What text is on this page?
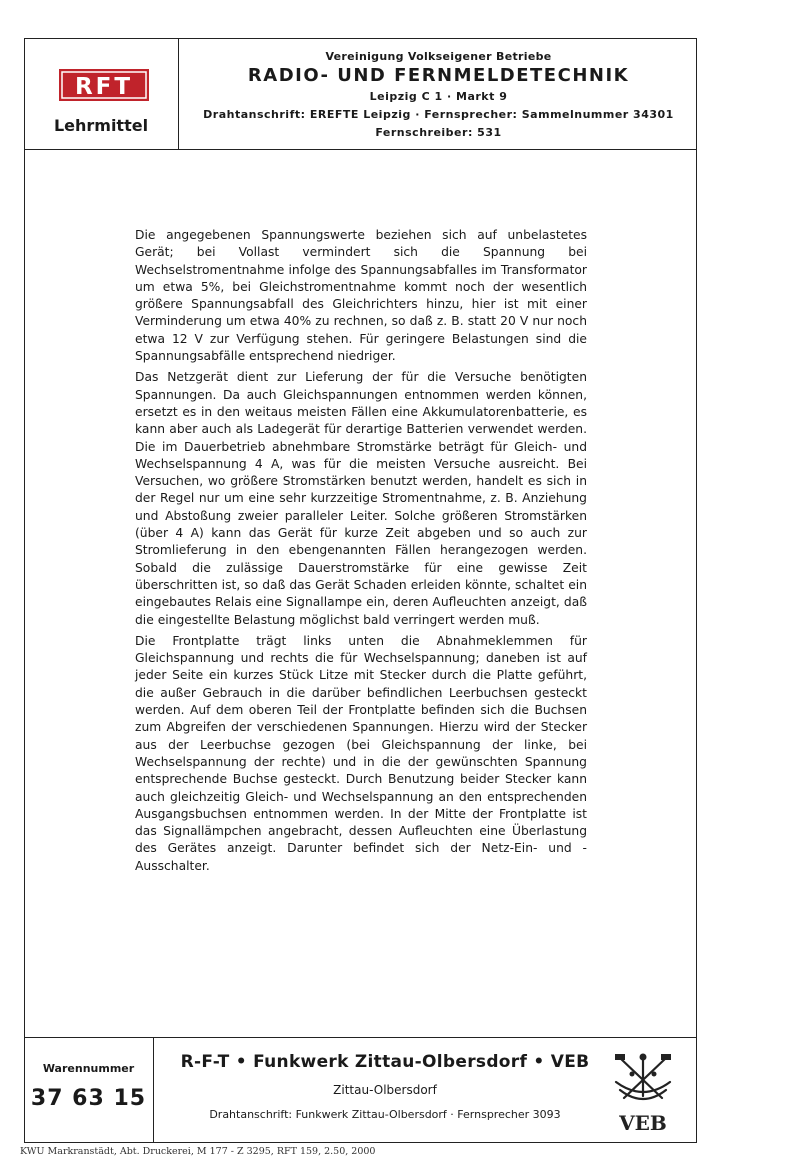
RFT
Lehrmittel
Vereinigung Volkseigener Betriebe
RADIO- UND FERNMELDETECHNIK
Leipzig C 1 · Markt 9
Drahtanschrift: EREFTE Leipzig · Fernsprecher: Sammelnummer 34301
Fernschreiber: 531

Die angegebenen Spannungswerte beziehen sich auf unbelastetes Gerät; bei Vollast vermindert sich die Spannung bei Wechselstromentnahme infolge des Spannungsabfalles im Transformator um etwa 5%, bei Gleichstromentnahme kommt noch der wesentlich größere Spannungsabfall des Gleichrichters hinzu, hier ist mit einer Verminderung um etwa 40% zu rechnen, so daß z. B. statt 20 V nur noch etwa 12 V zur Verfügung stehen. Für geringere Belastungen sind die Spannungsabfälle entsprechend niedriger.

Das Netzgerät dient zur Lieferung der für die Versuche benötigten Spannungen. Da auch Gleichspannungen entnommen werden können, ersetzt es in den weitaus meisten Fällen eine Akkumulatorenbatterie, es kann aber auch als Ladegerät für derartige Batterien verwendet werden. Die im Dauerbetrieb abnehmbare Stromstärke beträgt für Gleich- und Wechselspannung 4 A, was für die meisten Versuche ausreicht. Bei Versuchen, wo größere Stromstärken benutzt werden, handelt es sich in der Regel nur um eine sehr kurzzeitige Stromentnahme, z. B. Anziehung und Abstoßung zweier paralleler Leiter. Solche größeren Stromstärken (über 4 A) kann das Gerät für kurze Zeit abgeben und so auch zur Stromlieferung in den ebengenannten Fällen herangezogen werden. Sobald die zulässige Dauerstromstärke für eine gewisse Zeit überschritten ist, so daß das Gerät Schaden erleiden könnte, schaltet ein eingebautes Relais eine Signallampe ein, deren Aufleuchten anzeigt, daß die eingestellte Belastung möglichst bald verringert werden muß.

Die Frontplatte trägt links unten die Abnahmeklemmen für Gleichspannung und rechts die für Wechselspannung; daneben ist auf jeder Seite ein kurzes Stück Litze mit Stecker durch die Platte geführt, die außer Gebrauch in die darüber befindlichen Leerbuchsen gesteckt werden. Auf dem oberen Teil der Frontplatte befinden sich die Buchsen zum Abgreifen der verschiedenen Spannungen. Hierzu wird der Stecker aus der Leerbuchse gezogen (bei Gleichspannung der linke, bei Wechselspannung der rechte) und in die der gewünschten Spannung entsprechende Buchse gesteckt. Durch Benutzung beider Stecker kann auch gleichzeitig Gleich- und Wechselspannung an den entsprechenden Ausgangsbuchsen entnommen werden. In der Mitte der Frontplatte ist das Signallämpchen angebracht, dessen Aufleuchten eine Überlastung des Gerätes anzeigt. Darunter befindet sich der Netz-Ein- und -Ausschalter.

Warennummer
37 63 15
R-F-T • Funkwerk Zittau-Olbersdorf • VEB
Zittau-Olbersdorf
Drahtanschrift: Funkwerk Zittau-Olbersdorf · Fernsprecher 3093	VEB
KWU Markranstädt, Abt. Druckerei, M 177 - Z 3295, RFT 159, 2.50, 2000
